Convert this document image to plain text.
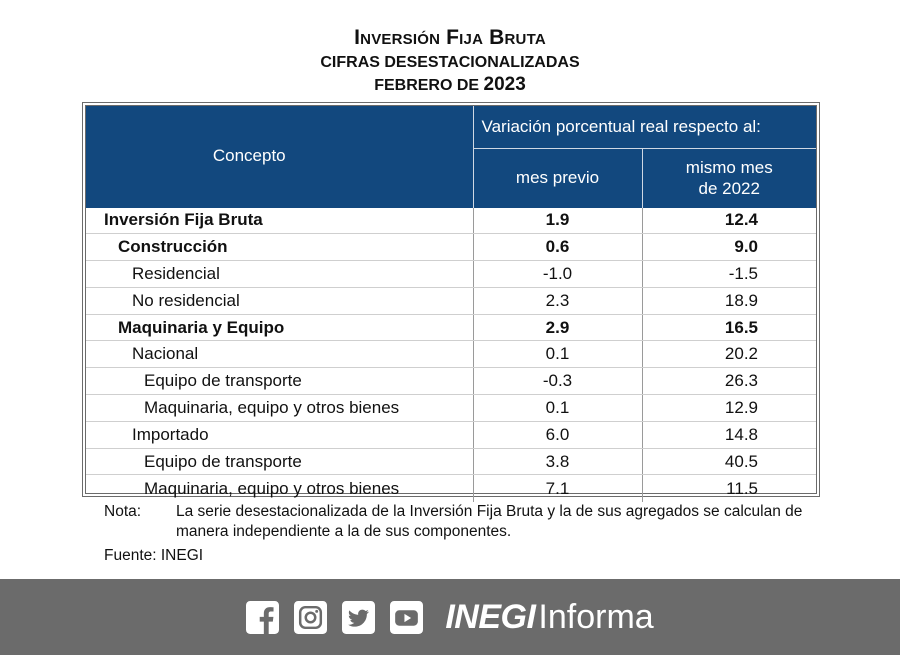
Inversión Fija Bruta
CIFRAS DESESTACIONALIZADAS
FEBRERO DE 2023
Concepto	Variación porcentual real respecto al:	
	mes previo	mismo mes
de 2022
Inversión Fija Bruta	1.9	12.4
Construcción	0.6	9.0
Residencial	-1.0	-1.5
No residencial	2.3	18.9
Maquinaria y Equipo	2.9	16.5
Nacional	0.1	20.2
Equipo de transporte	-0.3	26.3
Maquinaria, equipo y otros bienes	0.1	12.9
Importado	6.0	14.8
Equipo de transporte	3.8	40.5
Maquinaria, equipo y otros bienes	7.1	11.5
Nota:	La serie desestacionalizada de la Inversión Fija Bruta y la de sus agregados se calculan de manera independiente a la de sus componentes.
Fuente: INEGI
INEGI Informa
